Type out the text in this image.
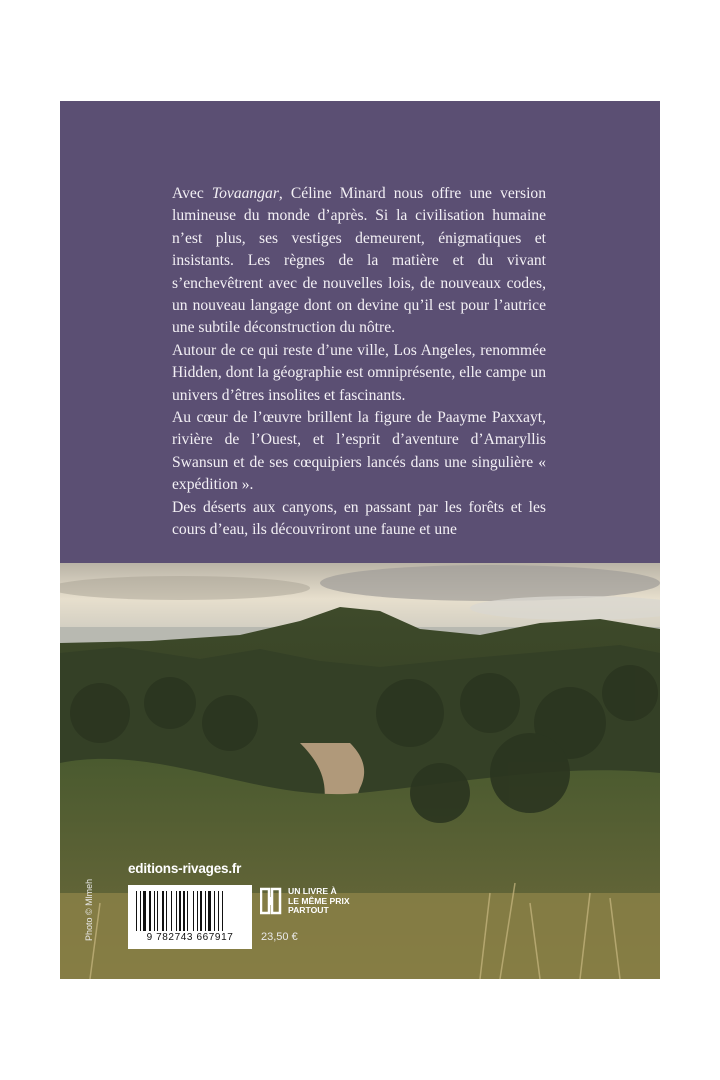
Avec Tovaangar, Céline Minard nous offre une version lumineuse du monde d’après. Si la civilisation humaine n’est plus, ses vestiges demeurent, énigmatiques et insistants. Les règnes de la matière et du vivant s’enchevêtrent avec de nouvelles lois, de nouveaux codes, un nouveau langage dont on devine qu’il est pour l’autrice une subtile déconstruction du nôtre.

Autour de ce qui reste d’une ville, Los Angeles, renommée Hidden, dont la géographie est omniprésente, elle campe un univers d’êtres insolites et fascinants.

Au cœur de l’œuvre brillent la figure de Paayme Paxxayt, rivière de l’Ouest, et l’esprit d’aventure d’Amaryllis Swansun et de ses cœquipiers lancés dans une singulière « expédition ».

Des déserts aux canyons, en passant par les forêts et les cours d’eau, ils découvriront une faune et une

editions-rivages.fr
Photo © Mlmeh	9 782743 667917
UN LIVRE À
LE MÊME PRIX
PARTOUT
23,50 €
